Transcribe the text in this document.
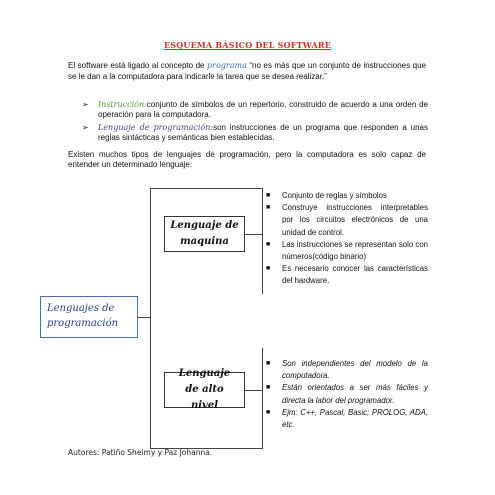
ESQUEMA BÁSICO DEL SOFTWARE

El software está ligado al concepto de programa “no es más que un conjunto de instrucciones que se le dan a la computadora para indicarle la tarea que se desea realizar.”

➢ Instrucción:conjunto de símbolos de un repertorio, construido de acuerdo a una orden de operación para la computadora.
➢ Lenguaje de programación:son instrucciones de un programa que responden a unas reglas sintácticas y semánticas bien establecidas.

Existen muchos tipos de lenguajes de programación, pero la computadora es solo capaz de entender un determinado lenguaje:

Lenguajes de programación
Lenguaje de maquina
Lenguaje de alto nivel
■ Conjunto de reglas y símbolos
■ Construye instrucciones interpretables por los circuitos electrónicos de una unidad de control.
■ Las instrucciones se representan solo con números(código binario)
■ Es necesario conocer las características del hardware.
■ Son independientes del modelo de la computadora.
■ Están orientados a ser más fáciles y directa la labor del programador.
■ Ejm: C++, Pascal, Basic; PROLOG, ADA, etc.
Autores: Patiño Sheimy y Paz Johanna.
